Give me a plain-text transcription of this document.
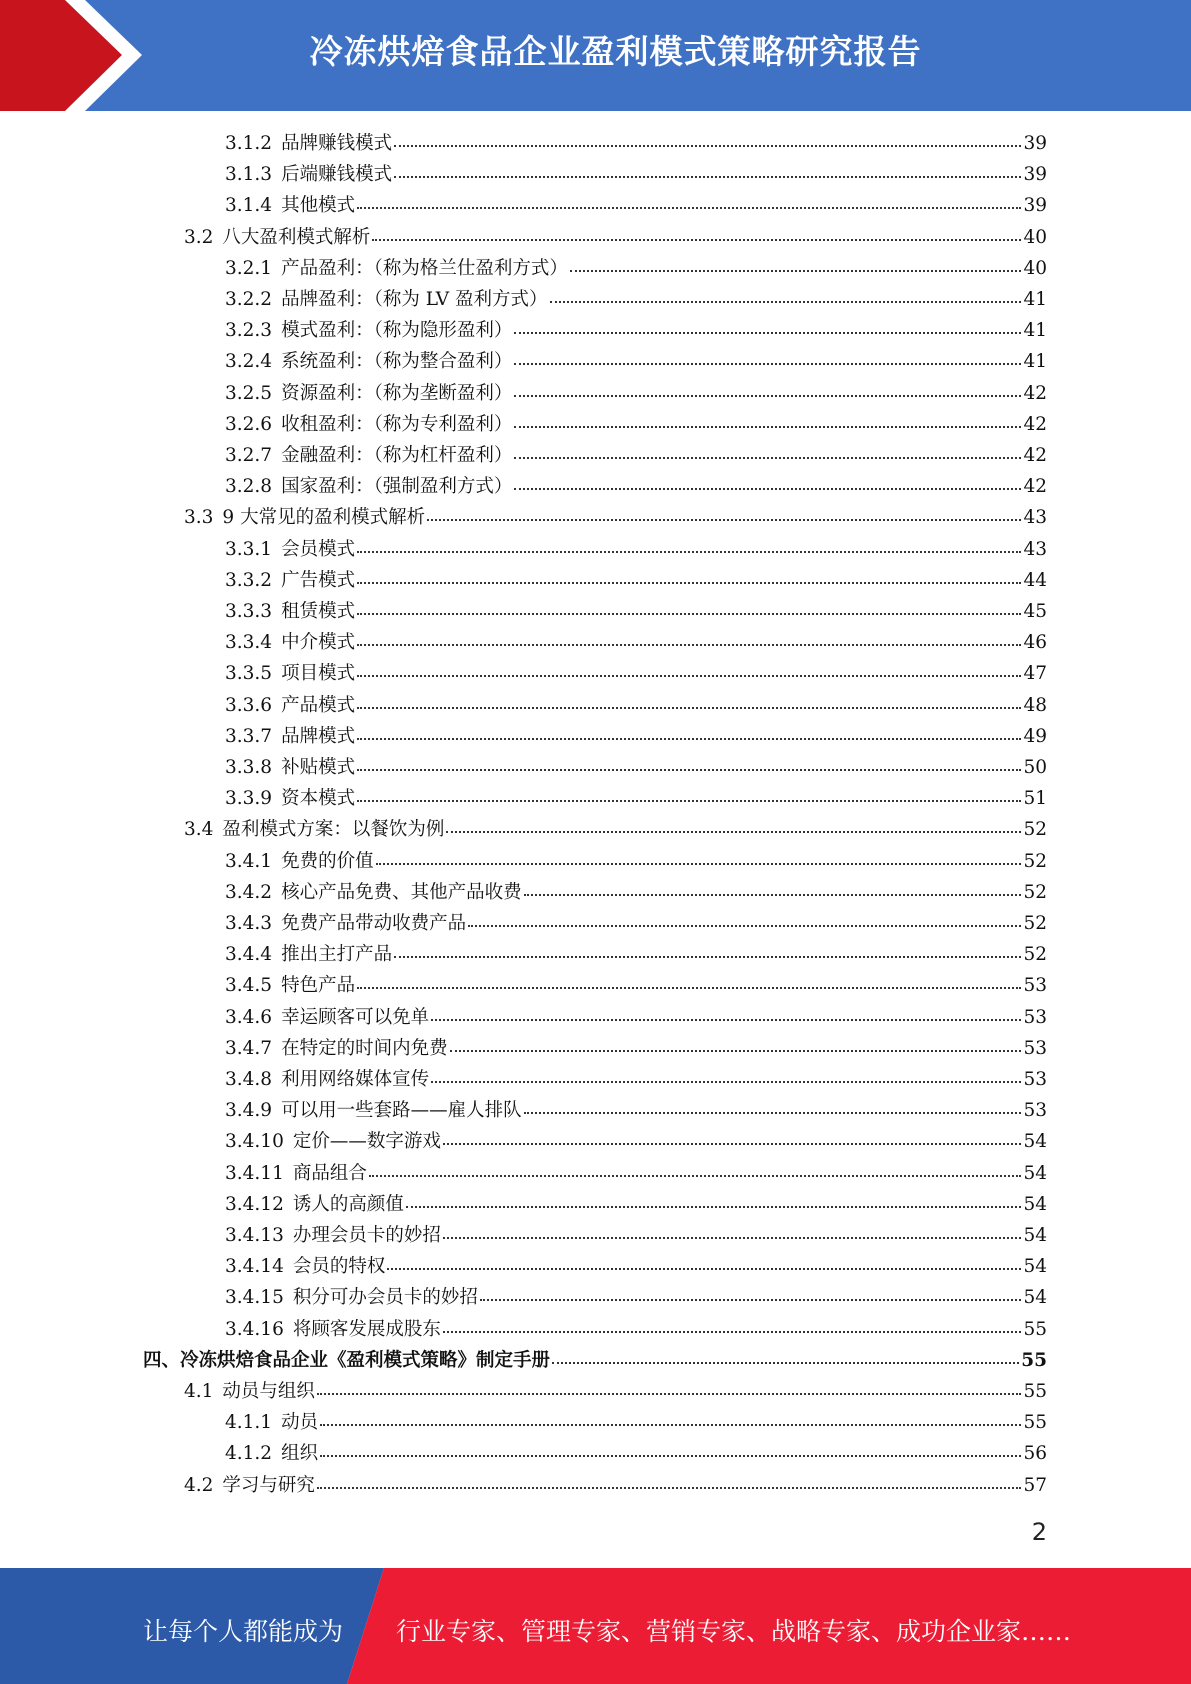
冷冻烘焙食品企业盈利模式策略研究报告
3.1.2 品牌赚钱模式	39
3.1.3 后端赚钱模式	39
3.1.4 其他模式	39
3.2 八大盈利模式解析	40
3.2.1 产品盈利：（称为格兰仕盈利方式）	40
3.2.2 品牌盈利：（称为 LV 盈利方式）	41
3.2.3 模式盈利：（称为隐形盈利）	41
3.2.4 系统盈利：（称为整合盈利）	41
3.2.5 资源盈利：（称为垄断盈利）	42
3.2.6 收租盈利：（称为专利盈利）	42
3.2.7 金融盈利：（称为杠杆盈利）	42
3.2.8 国家盈利：（强制盈利方式）	42
3.3 9 大常见的盈利模式解析	43
3.3.1 会员模式	43
3.3.2 广告模式	44
3.3.3 租赁模式	45
3.3.4 中介模式	46
3.3.5 项目模式	47
3.3.6 产品模式	48
3.3.7 品牌模式	49
3.3.8 补贴模式	50
3.3.9 资本模式	51
3.4 盈利模式方案：以餐饮为例	52
3.4.1 免费的价值	52
3.4.2 核心产品免费、其他产品收费	52
3.4.3 免费产品带动收费产品	52
3.4.4 推出主打产品	52
3.4.5 特色产品	53
3.4.6 幸运顾客可以免单	53
3.4.7 在特定的时间内免费	53
3.4.8 利用网络媒体宣传	53
3.4.9 可以用一些套路——雇人排队	53
3.4.10 定价——数字游戏	54
3.4.11 商品组合	54
3.4.12 诱人的高颜值	54
3.4.13 办理会员卡的妙招	54
3.4.14 会员的特权	54
3.4.15 积分可办会员卡的妙招	54
3.4.16 将顾客发展成股东	55
四、冷冻烘焙食品企业《盈利模式策略》制定手册	55
4.1 动员与组织	55
4.1.1 动员	55
4.1.2 组织	56
4.2 学习与研究	57
2
让每个人都能成为 行业专家、管理专家、营销专家、战略专家、成功企业家……
